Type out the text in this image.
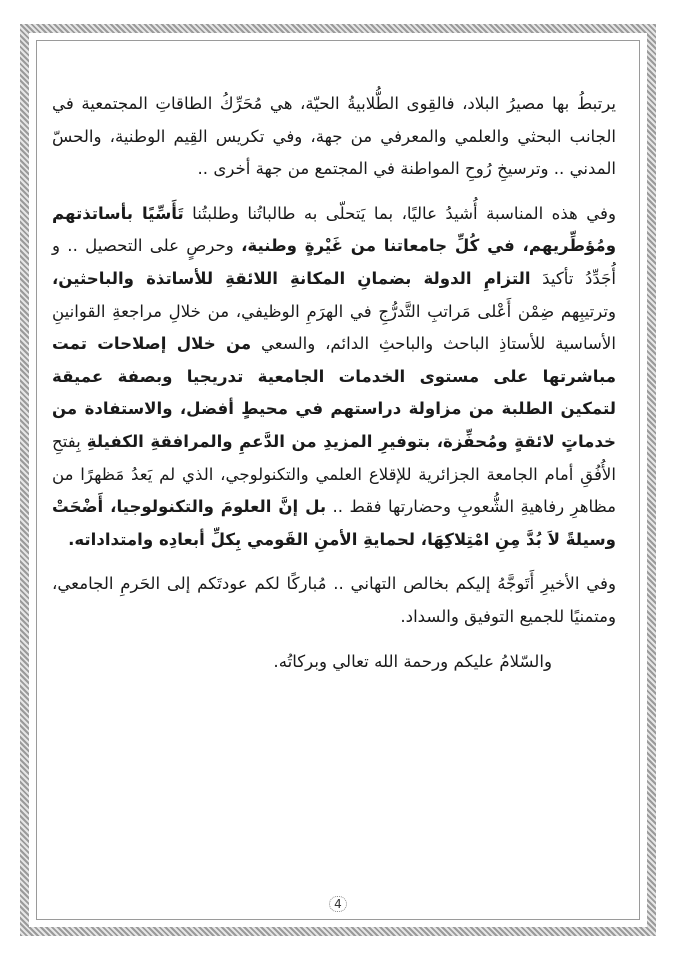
يرتبطُ بها مصيرُ البلاد، فالقِوى الطُّلابيةُ الحيّة، هي مُحَرِّكُ الطاقاتِ المجتمعية في الجانب البحثي والعلمي والمعرفي من جهة، وفي تكريس القِيم الوطنية، والحسّ المدني .. وترسيخِ رُوحِ المواطنة في المجتمع من جهة أخرى ..

وفي هذه المناسبة أُشيدُ عاليًا، بما يَتحلّى به طالباتُنا وطلبتُنا تَأَسِّيًا بأساتذتهم ومُؤطِّريهم، في كُلِّ جامعاتنا من غَيْرةٍ وطنية، وحرصٍ على التحصيل .. و أُجَدِّدُ تأكيدَ التزامِ الدولة بضمانِ المكانةِ اللائقةِ للأساتذة والباحثين، وترتيبِهم ضِمْن أَعْلى مَراتبِ التَّدرُّجِ في الهرَمِ الوظيفي، من خلالِ مراجعةِ القوانينِ الأساسية للأستاذِ الباحث والباحثِ الدائم، والسعي من خلال إصلاحات تمت مباشرتها على مستوى الخدمات الجامعية تدريجيا وبصفة عميقة لتمكين الطلبة من مزاولة دراستهم في محيطٍ أفضل، والاستفادة من خدماتٍ لائقةٍ ومُحفِّزة، بتوفيرِ المزيدِ من الدَّعمِ والمرافقةِ الكفيلةِ بِفتحِ الأُفُقِ أمام الجامعة الجزائرية للإقلاع العلمي والتكنولوجي، الذي لم يَعدُ مَظهرًا من مظاهرِ رفاهيةِ الشُّعوبِ وحضارتها فقط .. بل إنَّ العلومَ والتكنولوجيا، أَضْحَتْ وسيلةً لاَ بُدَّ مِنِ امْتِلاكِهَا، لحمايةِ الأمنِ القَومي بِكلِّ أبعادِه وامتداداته.

وفي الأخيرِ أَتَوجَّهُ إليكم بخالص التهاني .. مُباركًا لكم عودتَكم إلى الحَرمِ الجامعي، ومتمنيًا للجميع التوفيق والسداد.

والسّلامُ عليكم ورحمة الله تعالي وبركاتُه.

4
